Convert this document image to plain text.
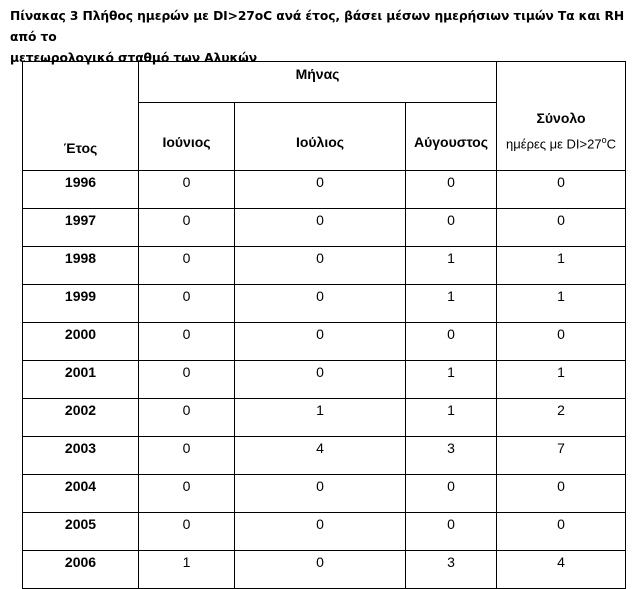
Πίνακας 3 Πλήθος ημερών με DI>27oC ανά έτος, βάσει μέσων ημερήσιων τιμών Τα και RH από το
μετεωρολογικό σταθμό των Αλυκών
Έτος	Μήνας			Σύνολο
ημέρες με $DI>27^oC$

	Ιούνιος	Ιούλιος	Αύγουστος	
1996	0	0	0	0
1997	0	0	0	0
1998	0	0	1	1
1999	0	0	1	1
2000	0	0	0	0
2001	0	0	1	1
2002	0	1	1	2
2003	0	4	3	7
2004	0	0	0	0
2005	0	0	0	0
2006	1	0	3	4
